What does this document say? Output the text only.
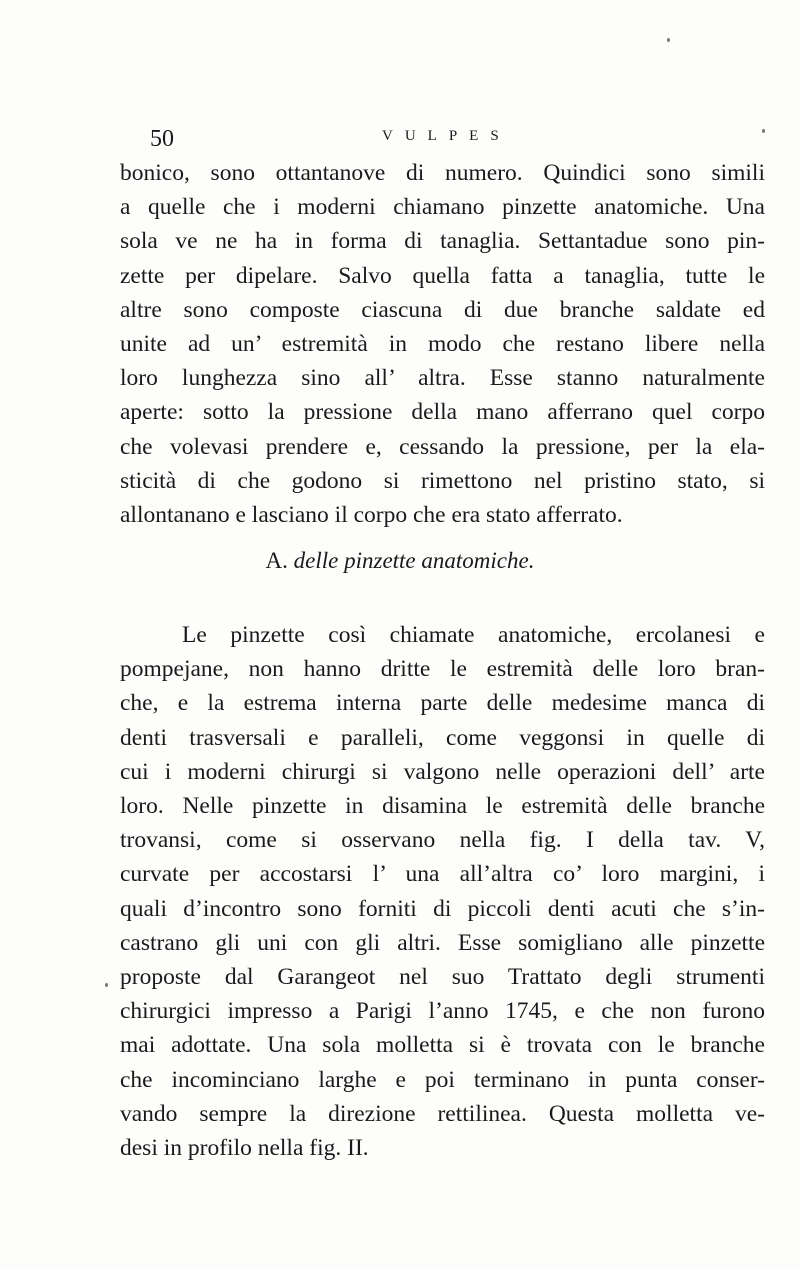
50	VULPES
bonico, sono ottantanove di numero. Quindici sono simili
a quelle che i moderni chiamano pinzette anatomiche. Una
sola ve ne ha in forma di tanaglia. Settantadue sono pin-
zette per dipelare. Salvo quella fatta a tanaglia, tutte le
altre sono composte ciascuna di due branche saldate ed
unite ad un’ estremità in modo che restano libere nella
loro lunghezza sino all’ altra. Esse stanno naturalmente
aperte: sotto la pressione della mano afferrano quel corpo
che volevasi prendere e, cessando la pressione, per la ela-
sticità di che godono si rimettono nel pristino stato, si
allontanano e lasciano il corpo che era stato afferrato.
A. delle pinzette anatomiche.
Le pinzette così chiamate anatomiche, ercolanesi e
pompejane, non hanno dritte le estremità delle loro bran-
che, e la estrema interna parte delle medesime manca di
denti trasversali e paralleli, come veggonsi in quelle di
cui i moderni chirurgi si valgono nelle operazioni dell’ arte
loro. Nelle pinzette in disamina le estremità delle branche
trovansi, come si osservano nella fig. I della tav. V,
curvate per accostarsi l’ una all’altra co’ loro margini, i
quali d’incontro sono forniti di piccoli denti acuti che s’in-
castrano gli uni con gli altri. Esse somigliano alle pinzette
proposte dal Garangeot nel suo Trattato degli strumenti
chirurgici impresso a Parigi l’anno 1745, e che non furono
mai adottate. Una sola molletta si è trovata con le branche
che incominciano larghe e poi terminano in punta conser-
vando sempre la direzione rettilinea. Questa molletta ve-
desi in profilo nella fig. II.
